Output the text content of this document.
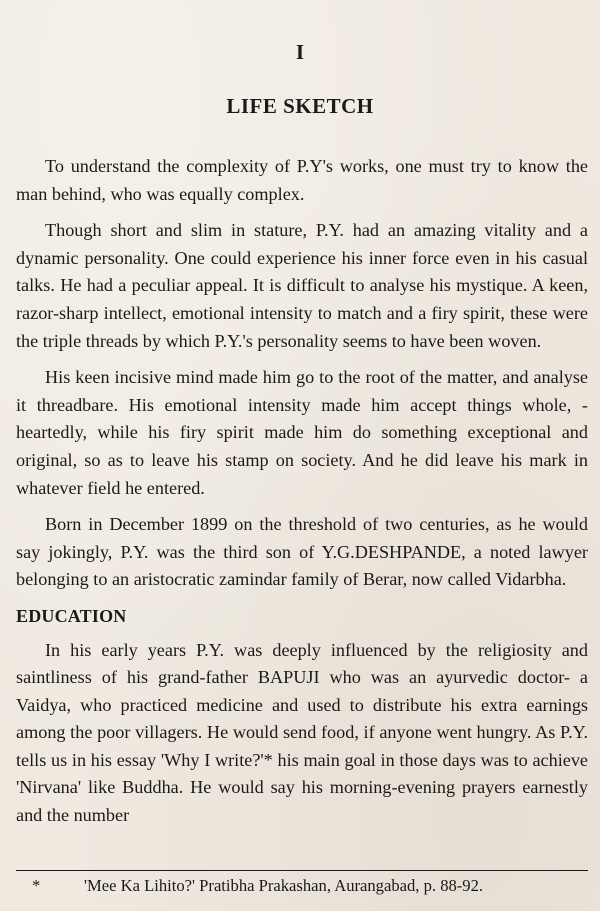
I
LIFE SKETCH

To understand the complexity of P.Y's works, one must try to know the man behind, who was equally complex.

Though short and slim in stature, P.Y. had an amazing vitality and a dynamic personality. One could experience his inner force even in his casual talks. He had a peculiar appeal. It is difficult to analyse his mystique. A keen, razor-sharp intellect, emotional intensity to match and a firy spirit, these were the triple threads by which P.Y.'s personality seems to have been woven.

His keen incisive mind made him go to the root of the matter, and analyse it threadbare. His emotional intensity made him accept things whole, - heartedly, while his firy spirit made him do something exceptional and original, so as to leave his stamp on society. And he did leave his mark in whatever field he entered.

Born in December 1899 on the threshold of two centuries, as he would say jokingly, P.Y. was the third son of Y.G.DESHPANDE, a noted lawyer belonging to an aristocratic zamindar family of Berar, now called Vidarbha.

EDUCATION

In his early years P.Y. was deeply influenced by the religiosity and saintliness of his grand-father BAPUJI who was an ayurvedic doctor- a Vaidya, who practiced medicine and used to distribute his extra earnings among the poor villagers. He would send food, if anyone went hungry. As P.Y. tells us in his essay 'Why I write?'* his main goal in those days was to achieve 'Nirvana' like Buddha. He would say his morning-evening prayers earnestly and the number

*	'Mee Ka Lihito?' Pratibha Prakashan, Aurangabad, p. 88-92.
